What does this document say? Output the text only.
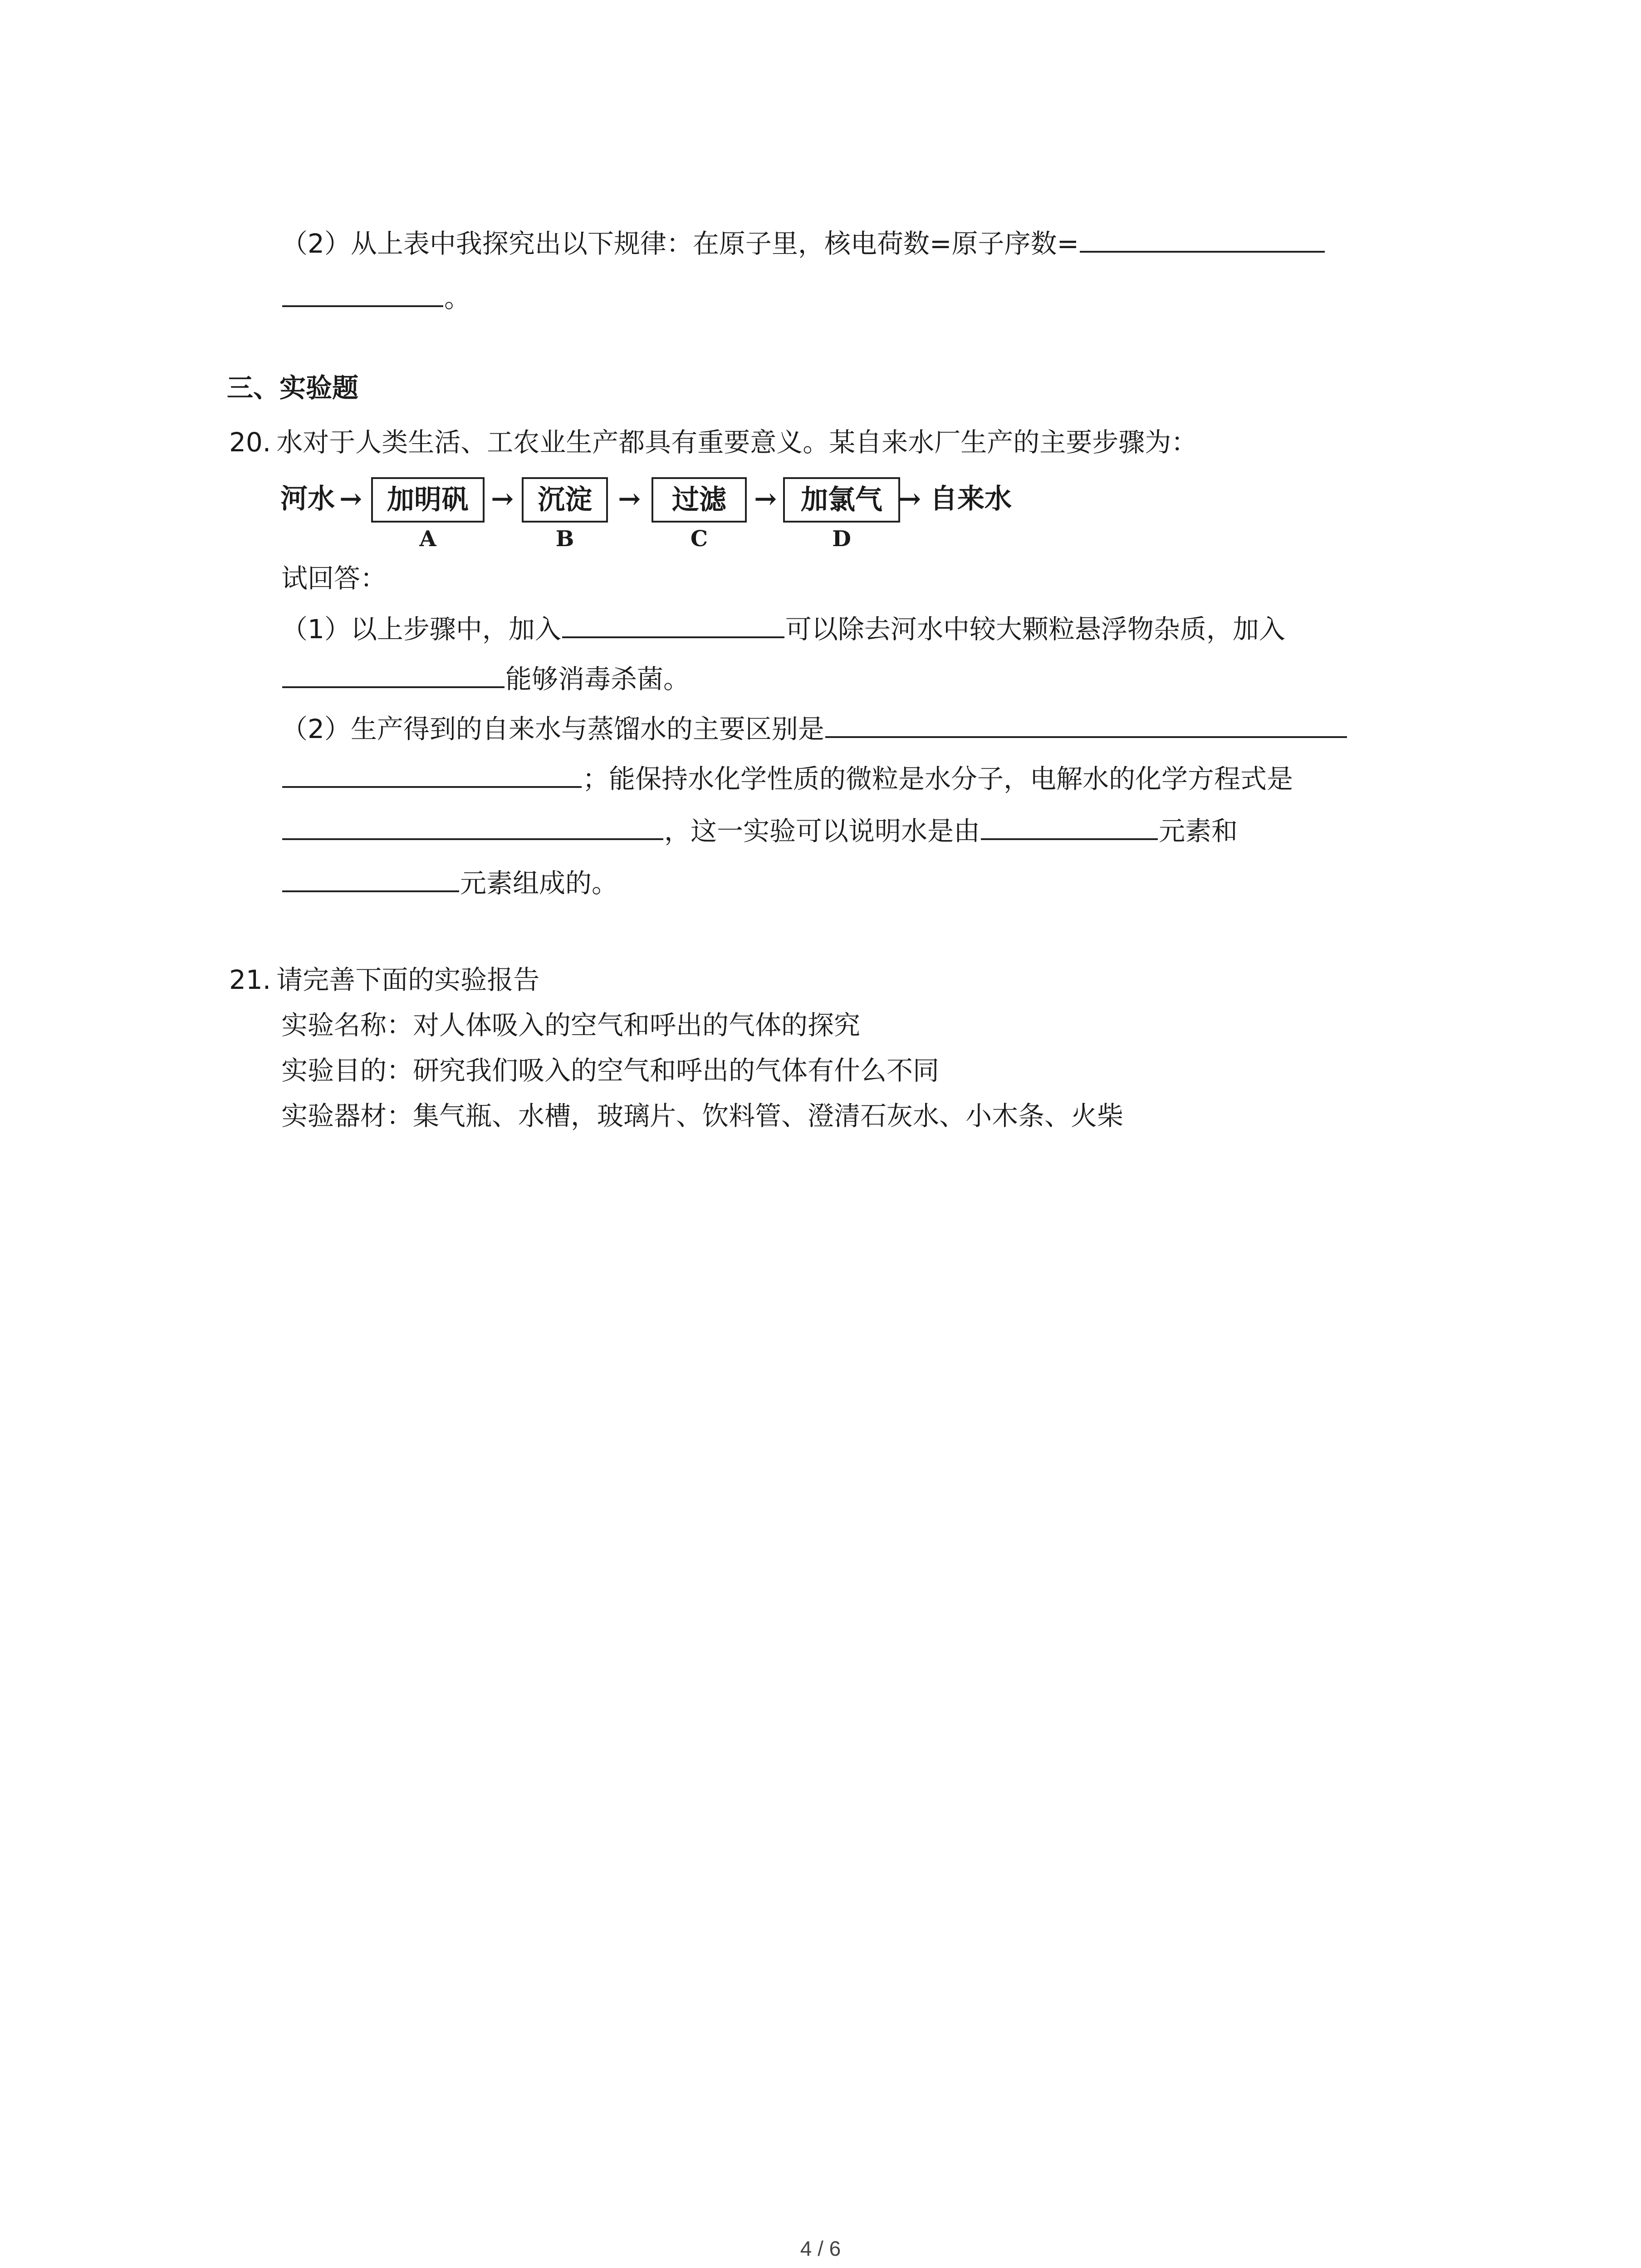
（2）从上表中我探究出以下规律：在原子里，核电荷数=原子序数=
。
三、实验题
20. 水对于人类生活、工农业生产都具有重要意义。某自来水厂生产的主要步骤为：
河水 → 加明矾 → 沉淀 →	过滤	→ 加氯气 → 自来水
A	B	C	D
试回答：
（1）以上步骤中，加入	可以除去河水中较大颗粒悬浮物杂质，加入
能够消毒杀菌。
（2）生产得到的自来水与蒸馏水的主要区别是
；能保持水化学性质的微粒是水分子，电解水的化学方程式是
，这一实验可以说明水是由	元素和
元素组成的。
21. 请完善下面的实验报告
实验名称：对人体吸入的空气和呼出的气体的探究
实验目的：研究我们吸入的空气和呼出的气体有什么不同
实验器材：集气瓶、水槽，玻璃片、饮料管、澄清石灰水、小木条、火柴
4 / 6
